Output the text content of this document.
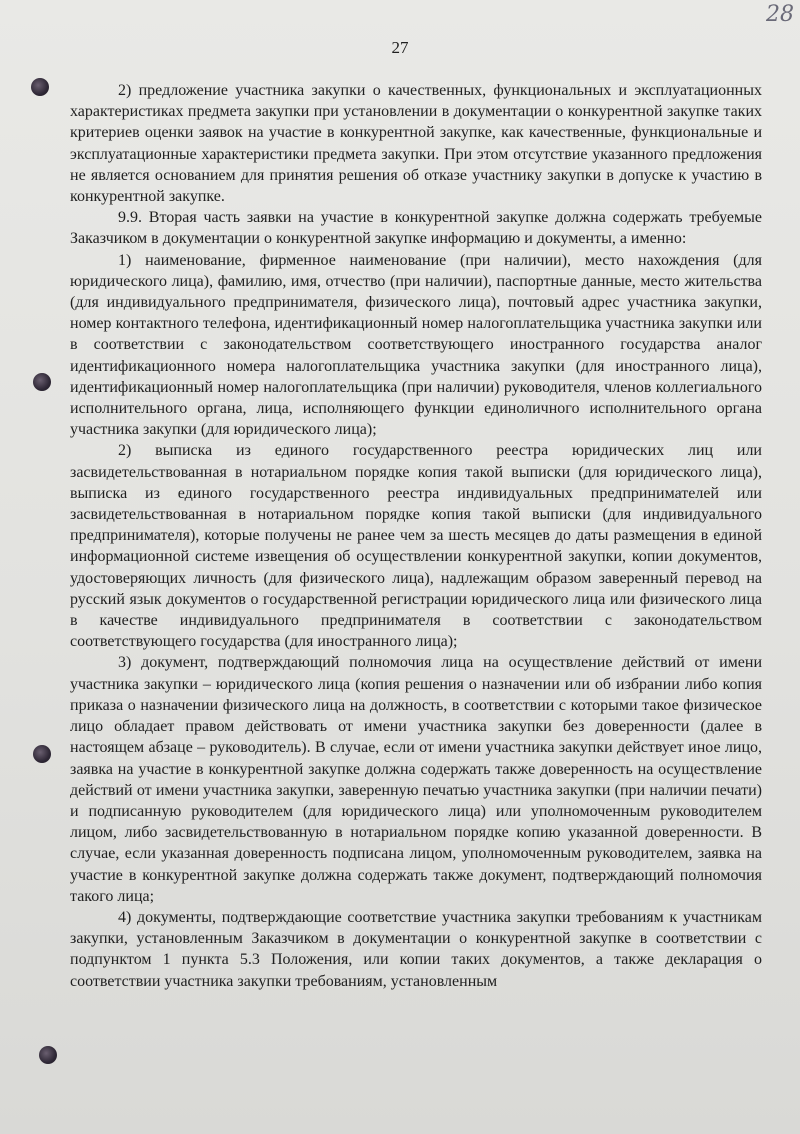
28
27

2) предложение участника закупки о качественных, функциональных и эксплуатационных характеристиках предмета закупки при установлении в документации о конкурентной закупке таких критериев оценки заявок на участие в конкурентной закупке, как качественные, функциональные и эксплуатационные характеристики предмета закупки. При этом отсутствие указанного предложения не является основанием для принятия решения об отказе участнику закупки в допуске к участию в конкурентной закупке.

9.9. Вторая часть заявки на участие в конкурентной закупке должна содержать требуемые Заказчиком в документации о конкурентной закупке информацию и документы, а именно:

1) наименование, фирменное наименование (при наличии), место нахождения (для юридического лица), фамилию, имя, отчество (при наличии), паспортные данные, место жительства (для индивидуального предпринимателя, физического лица), почтовый адрес участника закупки, номер контактного телефона, идентификационный номер налогоплательщика участника закупки или в соответствии с законодательством соответствующего иностранного государства аналог идентификационного номера налогоплательщика участника закупки (для иностранного лица), идентификационный номер налогоплательщика (при наличии) руководителя, членов коллегиального исполнительного органа, лица, исполняющего функции единоличного исполнительного органа участника закупки (для юридического лица);

2) выписка из единого государственного реестра юридических лиц или засвидетельствованная в нотариальном порядке копия такой выписки (для юридического лица), выписка из единого государственного реестра индивидуальных предпринимателей или засвидетельствованная в нотариальном порядке копия такой выписки (для индивидуального предпринимателя), которые получены не ранее чем за шесть месяцев до даты размещения в единой информационной системе извещения об осуществлении конкурентной закупки, копии документов, удостоверяющих личность (для физического лица), надлежащим образом заверенный перевод на русский язык документов о государственной регистрации юридического лица или физического лица в качестве индивидуального предпринимателя в соответствии с законодательством соответствующего государства (для иностранного лица);

3) документ, подтверждающий полномочия лица на осуществление действий от имени участника закупки – юридического лица (копия решения о назначении или об избрании либо копия приказа о назначении физического лица на должность, в соответствии с которыми такое физическое лицо обладает правом действовать от имени участника закупки без доверенности (далее в настоящем абзаце – руководитель). В случае, если от имени участника закупки действует иное лицо, заявка на участие в конкурентной закупке должна содержать также доверенность на осуществление действий от имени участника закупки, заверенную печатью участника закупки (при наличии печати) и подписанную руководителем (для юридического лица) или уполномоченным руководителем лицом, либо засвидетельствованную в нотариальном порядке копию указанной доверенности. В случае, если указанная доверенность подписана лицом, уполномоченным руководителем, заявка на участие в конкурентной закупке должна содержать также документ, подтверждающий полномочия такого лица;

4) документы, подтверждающие соответствие участника закупки требованиям к участникам закупки, установленным Заказчиком в документации о конкурентной закупке в соответствии с подпунктом 1 пункта 5.3 Положения, или копии таких документов, а также декларация о соответствии участника закупки требованиям, установленным
